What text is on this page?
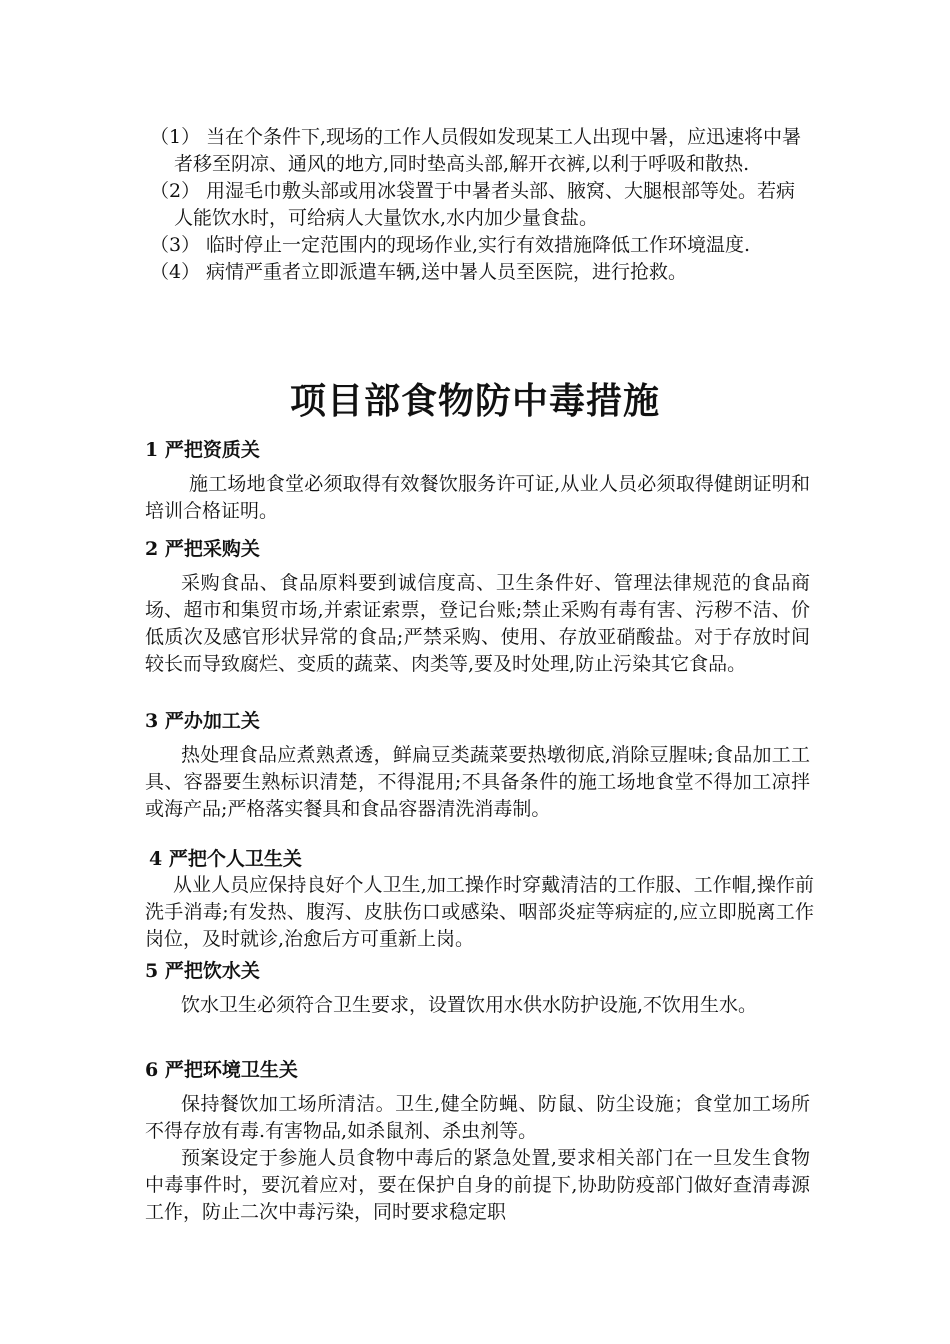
（1） 当在个条件下,现场的工作人员假如发现某工人出现中暑，应迅速将中暑者移至阴凉、通风的地方,同时垫高头部,解开衣裤,以利于呼吸和散热.

（2） 用湿毛巾敷头部或用冰袋置于中暑者头部、腋窝、大腿根部等处。若病人能饮水时，可给病人大量饮水,水内加少量食盐。

（3） 临时停止一定范围内的现场作业,实行有效措施降低工作环境温度.

（4） 病情严重者立即派遣车辆,送中暑人员至医院，进行抢救。

项目部食物防中毒措施
1 严把资质关

施工场地食堂必须取得有效餐饮服务许可证,从业人员必须取得健朗证明和培训合格证明。

2 严把采购关

采购食品、食品原料要到诚信度高、卫生条件好、管理法律规范的食品商场、超市和集贸市场,并索证索票，登记台账;禁止采购有毒有害、污秽不洁、价低质次及感官形状异常的食品;严禁采购、使用、存放亚硝酸盐。对于存放时间较长而导致腐烂、变质的蔬菜、肉类等,要及时处理,防止污染其它食品。

3 严办加工关

热处理食品应煮熟煮透，鲜扁豆类蔬菜要热墩彻底,消除豆腥味;食品加工工具、容器要生熟标识清楚，不得混用;不具备条件的施工场地食堂不得加工凉拌或海产品;严格落实餐具和食品容器清洗消毒制。

4 严把个人卫生关

从业人员应保持良好个人卫生,加工操作时穿戴清洁的工作服、工作帽,操作前洗手消毒;有发热、腹泻、皮肤伤口或感染、咽部炎症等病症的,应立即脱离工作岗位，及时就诊,治愈后方可重新上岗。

5 严把饮水关

饮水卫生必须符合卫生要求，设置饮用水供水防护设施,不饮用生水。

6 严把环境卫生关

保持餐饮加工场所清洁。卫生,健全防蝇、防鼠、防尘设施；食堂加工场所不得存放有毒.有害物品,如杀鼠剂、杀虫剂等。

预案设定于参施人员食物中毒后的紧急处置,要求相关部门在一旦发生食物中毒事件时，要沉着应对，要在保护自身的前提下,协助防疫部门做好查清毒源工作，防止二次中毒污染，同时要求稳定职
